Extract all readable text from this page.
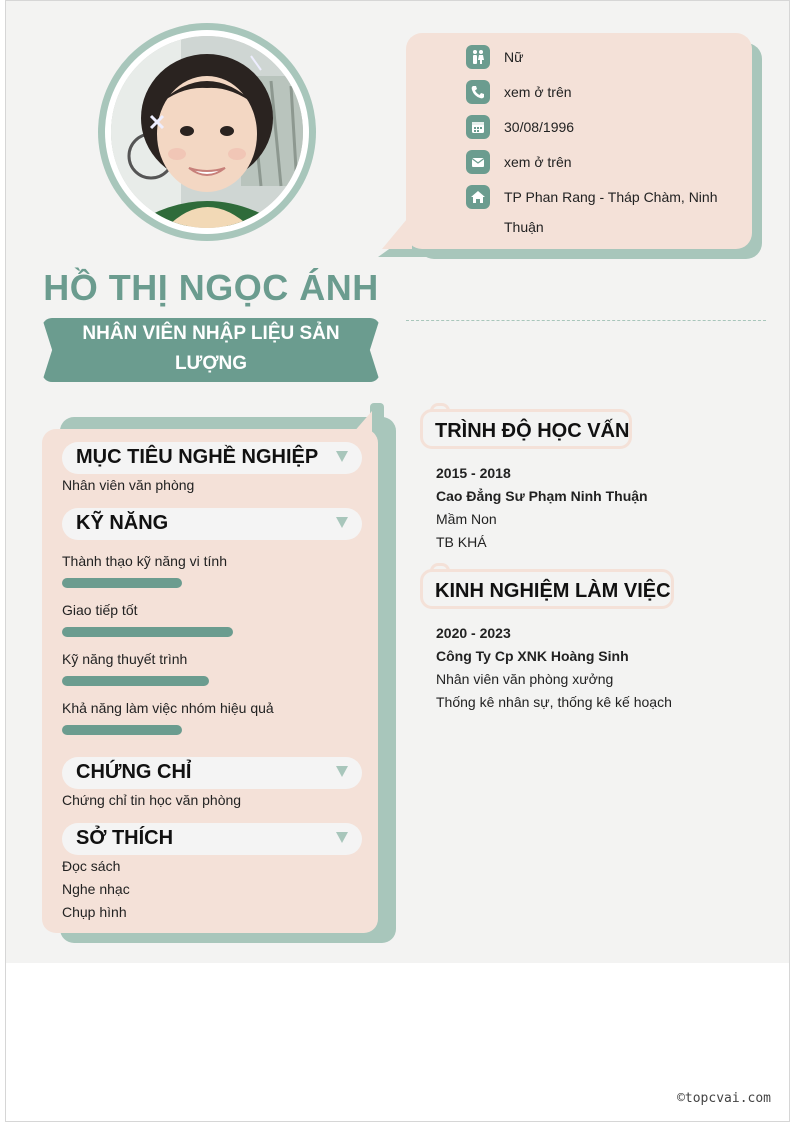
Nữ
xem ở trên
30/08/1996
xem ở trên
TP Phan Rang - Tháp Chàm, Ninh Thuận
HỒ THỊ NGỌC ÁNH
NHÂN VIÊN NHẬP LIỆU SẢN LƯỢNG
MỤC TIÊU NGHỀ NGHIỆP
Nhân viên văn phòng
KỸ NĂNG
Thành thạo kỹ năng vi tính
Giao tiếp tốt
Kỹ năng thuyết trình
Khả năng làm việc nhóm hiệu quả
CHỨNG CHỈ
Chứng chỉ tin học văn phòng
SỞ THÍCH
Đọc sách
Nghe nhạc
Chụp hình
TRÌNH ĐỘ HỌC VẤN
2015 - 2018
Cao Đẳng Sư Phạm Ninh Thuận
Mầm Non
TB KHÁ
KINH NGHIỆM LÀM VIỆC
2020 - 2023
Công Ty Cp XNK Hoàng Sinh
Nhân viên văn phòng xưởng
Thống kê nhân sự, thống kê kế hoạch
©topcvai.com
